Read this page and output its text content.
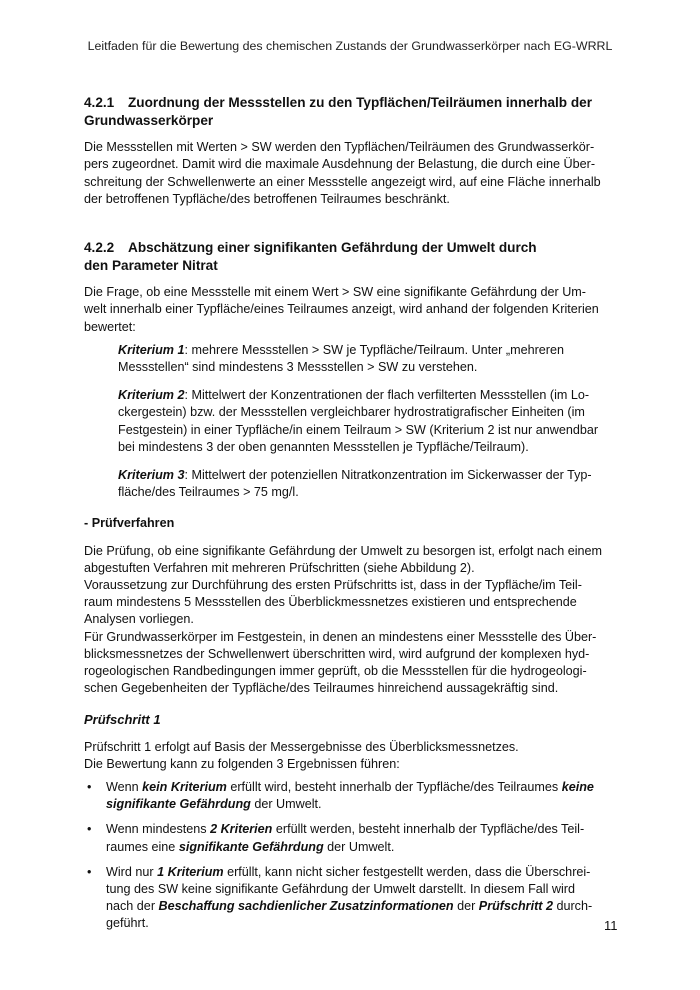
Leitfaden für die Bewertung des chemischen Zustands der Grundwasserkörper nach EG-WRRL
4.2.1 Zuordnung der Messstellen zu den Typflächen/Teilräumen innerhalb der
Grundwasserkörper

Die Messstellen mit Werten > SW werden den Typflächen/Teilräumen des Grundwasserkör-
pers zugeordnet. Damit wird die maximale Ausdehnung der Belastung, die durch eine Über-
schreitung der Schwellenwerte an einer Messstelle angezeigt wird, auf eine Fläche innerhalb
der betroffenen Typfläche/des betroffenen Teilraumes beschränkt.

4.2.2 Abschätzung einer signifikanten Gefährdung der Umwelt durch
den Parameter Nitrat

Die Frage, ob eine Messstelle mit einem Wert > SW eine signifikante Gefährdung der Um-
welt innerhalb einer Typfläche/eines Teilraumes anzeigt, wird anhand der folgenden Kriterien
bewertet:

Kriterium 1: mehrere Messstellen > SW je Typfläche/Teilraum. Unter „mehreren
Messstellen“ sind mindestens 3 Messstellen > SW zu verstehen.

Kriterium 2: Mittelwert der Konzentrationen der flach verfilterten Messstellen (im Lo-
ckergestein) bzw. der Messstellen vergleichbarer hydrostratigrafischer Einheiten (im
Festgestein) in einer Typfläche/in einem Teilraum > SW (Kriterium 2 ist nur anwendbar
bei mindestens 3 der oben genannten Messstellen je Typfläche/Teilraum).

Kriterium 3: Mittelwert der potenziellen Nitratkonzentration im Sickerwasser der Typ-
fläche/des Teilraumes > 75 mg/l.

- Prüfverfahren

Die Prüfung, ob eine signifikante Gefährdung der Umwelt zu besorgen ist, erfolgt nach einem
abgestuften Verfahren mit mehreren Prüfschritten (siehe Abbildung 2).
Voraussetzung zur Durchführung des ersten Prüfschritts ist, dass in der Typfläche/im Teil-
raum mindestens 5 Messstellen des Überblickmessnetzes existieren und entsprechende
Analysen vorliegen.
Für Grundwasserkörper im Festgestein, in denen an mindestens einer Messstelle des Über-
blicksmessnetzes der Schwellenwert überschritten wird, wird aufgrund der komplexen hyd-
rogeologischen Randbedingungen immer geprüft, ob die Messstellen für die hydrogeologi-
schen Gegebenheiten der Typfläche/des Teilraumes hinreichend aussagekräftig sind.

Prüfschritt 1

Prüfschritt 1 erfolgt auf Basis der Messergebnisse des Überblicksmessnetzes.
Die Bewertung kann zu folgenden 3 Ergebnissen führen:

• Wenn kein Kriterium erfüllt wird, besteht innerhalb der Typfläche/des Teilraumes keine
signifikante Gefährdung der Umwelt.
• Wenn mindestens 2 Kriterien erfüllt werden, besteht innerhalb der Typfläche/des Teil-
raumes eine signifikante Gefährdung der Umwelt.
• Wird nur 1 Kriterium erfüllt, kann nicht sicher festgestellt werden, dass die Überschrei-
tung des SW keine signifikante Gefährdung der Umwelt darstellt. In diesem Fall wird
nach der Beschaffung sachdienlicher Zusatzinformationen der Prüfschritt 2 durch-
geführt.	11
